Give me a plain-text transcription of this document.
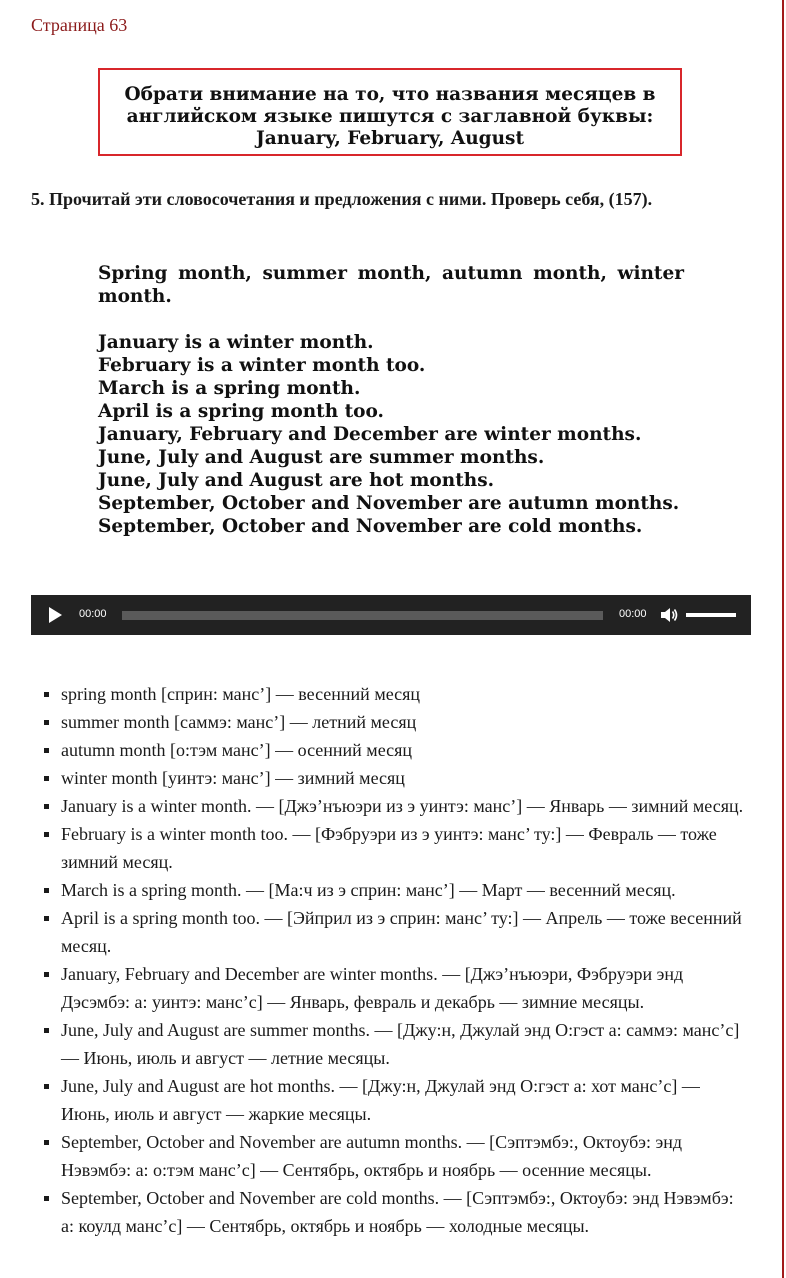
Страница 63
Обрати внимание на то, что названия месяцев в
английском языке пишутся с заглавной буквы:
January, February, August
5. Прочитай эти словосочетания и предложения с ними. Проверь себя, (157).

Spring month, summer month, autumn month, winter month.

January is a winter month.

February is a winter month too.

March is a spring month.

April is a spring month too.

January, February and December are winter months.

June, July and August are summer months.

June, July and August are hot months.

September, October and November are autumn months.

September, October and November are cold months.

00:00	00:00
spring month [сприн: манс’] — весенний месяц
summer month [саммэ: манс’] — летний месяц
autumn month [о:тэм манс’] — осенний месяц
winter month [уинтэ: манс’] — зимний месяц
January is a winter month. — [Джэ’нъюэри из э уинтэ: манс’] — Январь — зимний месяц.
February is a winter month too. — [Фэбруэри из э уинтэ: манс’ ту:] — Февраль — тоже зимний месяц.
March is a spring month. — [Ма:ч из э сприн: манс’] — Март — весенний месяц.
April is a spring month too. — [Эйприл из э сприн: манс’ ту:] — Апрель — тоже весенний месяц.
January, February and December are winter months. — [Джэ’нъюэри, Фэбруэри энд Дэсэмбэ: а: уинтэ: манс’с] — Январь, февраль и декабрь — зимние месяцы.
June, July and August are summer months. — [Джу:н, Джулай энд О:гэст а: саммэ: манс’с] — Июнь, июль и август — летние месяцы.
June, July and August are hot months. — [Джу:н, Джулай энд О:гэст а: хот манс’с] — Июнь, июль и август — жаркие месяцы.
September, October and November are autumn months. — [Сэптэмбэ:, Октоубэ: энд Нэвэмбэ: а: о:тэм манс’с] — Сентябрь, октябрь и ноябрь — осенние месяцы.
September, October and November are cold months. — [Сэптэмбэ:, Октоубэ: энд Нэвэмбэ: а: коулд манс’с] — Сентябрь, октябрь и ноябрь — холодные месяцы.
